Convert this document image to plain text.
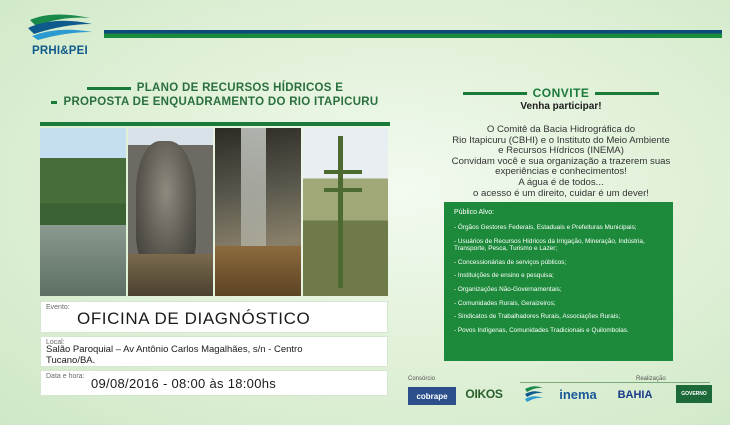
PRHI&PEI
PLANO DE RECURSOS HÍDRICOS E
PROPOSTA DE ENQUADRAMENTO DO RIO ITAPICURU
Evento:
OFICINA DE DIAGNÓSTICO
Local:
Salão Paroquial – Av Antônio Carlos Magalhães, s/n - Centro
Tucano/BA.
Data e hora: 09/08/2016 - 08:00 às 18:00hs
CONVITE
Venha participar!
O Comitê da Bacia Hidrográfica do
Rio Itapicuru (CBHI) e o Instituto do Meio Ambiente
e Recursos Hídricos (INEMA)
Convidam você e sua organização a trazerem suas
experiências e conhecimentos!
A água é de todos...
o acesso é um direito, cuidar é um dever!
Público Alvo:
- Órgãos Gestores Federais, Estaduais e Prefeituras Municipais;
- Usuários de Recursos Hídricos da Irrigação, Mineração, Indústria, Transporte, Pesca, Turismo e Lazer;
- Concessionárias de serviços públicos;
- Instituições de ensino e pesquisa;
- Organizações Não-Governamentais;
- Comunidades Rurais, Geraizeiros;
- Sindicatos de Trabalhadores Rurais, Associações Rurais;
- Povos Indígenas, Comunidades Tradicionais e Quilombolas.
Consórcio	Realização
cobrape	OIKOS	inema	BAHIA	GOVERNO
